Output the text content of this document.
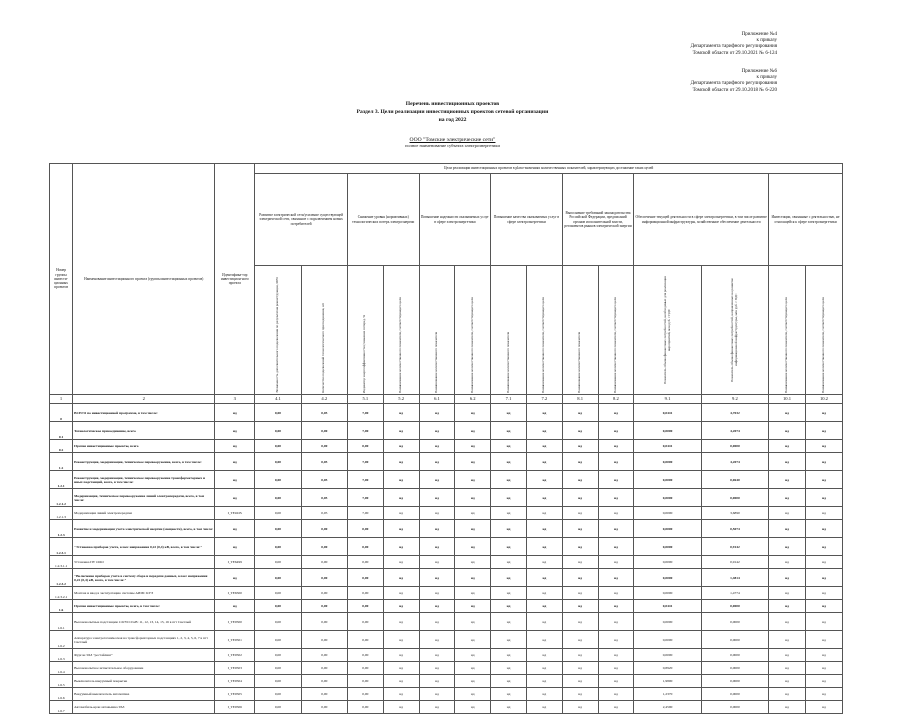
Приложение №4
к приказу
Департамента тарифного регулирования
Томской области от 29.10.2021 № 6-124
Приложение №6
к приказу
Департамента тарифного регулирования
Томской области от 29.10.2018 № 6-220
Перечень инвестиционных проектов
Раздел 3. Цели реализации инвестиционных проектов сетевой организации
на год 2022
ООО "Томские электрические сети"
полное наименование субъекта электроэнергетики
Номер группы инвести-ционных проектов	Наименование инвестиционного проекта (группы инвестиционных проектов)	Идентифика-тор инвестицион-ного проекта	Цели реализации инвестиционных проектов в plano-значениях количественных показателей, характеризующих достижение таких целей													
			Развитие электрической сети/усиление существующей электрической сети, связанное с подключением новых потребителей		Снижение уровня (нормативных) технологических потерь электроэнергии		Повышение надежности оказываемых услуг в сфере электроэнергетики		Повышение качества оказываемых услуг в сфере электроэнергетики		Выполнение требований законодательства Российской Федерации, предписаний органов исполнительной власти, регламентов рынков электрической энергии		Обеспечение текущей деятельности в сфере электроэнергетики, в том числе развитие информационной инфраструктуры, хозяйственное обеспечение деятельности		Инвестиции, связанные с деятельностью, не относящейся к сфере электроэнергетики	
			Возможность дополнительного подключения по результатам реконструкции, МВт	Количество подключений технологического присоединения, шт	Индикатор энергоэффективности (снижение потерь), %	Наименование количественного показателя, соответствующего цели	Наименование количественного показателя	Наименование количественного показателя, соответствующего цели	Наименование количественного показателя	Наименование количественного показателя, соответствующего цели	Наименование количественного показателя	Наименование количественного показателя, соответствующего цели	Показатель объема финансовых потребностей, необходимых для реализации мероприятий, млн руб. с НДС	Показатель объема финансовых потребностей, направленных на развитие информационной инфраструктуры, млн руб. с НДС	Наименование количественного показателя, соответствующего цели	Наименование количественного показателя, соответствующего цели
1	2	3	4.1	4.2	5.1	5.2	6.1	6.2	7.1	7.2	8.1	8.2	9.1	9.2	10.1	10.2
0	ВСЕГО по инвестиционной программе, в том числе:	нд	0,00	0,05	7,00	нд	нд	нд	нд	нд	нд	нд	0,0441	4,7032	нд	нд
0.1	Технологическое присоединение, всего	нд	0,00	0,00	7,00	нд	нд	нд	нд	нд	нд	нд	0,0000	4,2074	нд	нд
0.2	Прочие инвестиционные проекты, всего	нд	0,00	0,00	0,00	нд	нд	нд	нд	нд	нд	нд	0,0441	0,0000	нд	нд
1.2	Реконструкция, модернизация, техническое перевооружение, всего, в том числе:	нд	0,00	0,05	7,00	нд	нд	нд	нд	нд	нд	нд	0,0000	4,2074	нд	нд
1.2.1	Реконструкция, модернизация, техническое перевооружение трансформаторных и иных подстанций, всего, в том числе:	нд	0,00	0,05	7,00	нд	нд	нд	нд	нд	нд	нд	0,0000	0,0640	нд	нд
1.2.1.2	Модернизация, техническое перевооружение линий электропередачи, всего, в том числе:	нд	0,00	0,05	7,00	нд	нд	нд	нд	нд	нд	нд	0,0000	0,0000	нд	нд
1.2.1.3	Модернизация линий электропередачи	I_TEOOS	0,00	0,05	7,00	нд	нд	нд	нд	нд	нд	нд	0,0000	3,6890	нд	нд
1.2.3	Развитие и модернизация учета электрической энергии (мощности), всего, в том числе:	нд	0,00	0,00	0,00	нд	нд	нд	нд	нд	нд	нд	0,0000	0,5074	нд	нд
1.2.3.1	"Установка приборов учета, класс напряжения 0,22 (0,4) кВ, всего, в том числе:"	нд	0,00	0,00	0,00	нд	нд	нд	нд	нд	нд	нд	0,0000	0,9142	нд	нд
1.2.3.1.1	Установка ПУ ООО	I_TE6499	0,00	0,00	0,00	нд	нд	нд	нд	нд	нд	нд	0,0000	0,9142	нд	нд
1.2.3.2	"Включение приборов учета в систему сбора и передачи данных, класс напряжения 0,22 (0,4) кВ, всего, в том числе:"	нд	0,00	0,00	0,00	нд	нд	нд	нд	нд	нд	нд	0,0000	1,4814	нд	нд
1.2.3.2.1	Монтаж и ввод в эксплуатацию системы АИИС КУЭ	I_TE6500	0,00	0,00	0,00	нд	нд	нд	нд	нд	нд	нд	0,0000	1,4774	нд	нд
1.6	Прочие инвестиционные проекты, всего, в том числе:	нд	0,00	0,00	0,00	нд	нд	нд	нд	нд	нд	нд	0,0441	0,0000	нд	нд
1.6.1	Высоковольтные подстанции 110/35/10 кВ: 11, 12, 13, 14, 15, 16 в пгт Светлый	I_TE0500	0,00	0,00	0,00	нд	нд	нд	нд	нд	нд	нд	0,0000	0,0000	нд	нд
1.6.2	Аппаратура электротехническая на трансформаторных подстанциях 1, 2, 3, 4, 5, 6, 7 в пгт Светлый	I_TE0501	0,00	0,00	0,00	нд	нд	нд	нд	нд	нд	нд	0,0000	0,0000	нд	нд
1.6.3	Фургон УАЗ "рестайлинг"	I_TE0502	0,00	0,00	0,00	нд	нд	нд	нд	нд	нд	нд	0,0000	0,0000	нд	нд
1.6.4	Высоковольтное испытательное оборудование	I_TE0503	0,00	0,00	0,00	нд	нд	нд	нд	нд	нд	нд	0,8920	0,0000	нд	нд
1.6.5	Выключатель вакуумный покрытие	I_TE0504	0,00	0,00	0,00	нд	нд	нд	нд	нд	нд	нд	1,9800	0,0000	нд	нд
1.6.6	Вакуумный выключатель автоматика	I_TE0505	0,00	0,00	0,00	нд	нд	нд	нд	нд	нд	нд	1,2370	0,0000	нд	нд
1.6.7	Автомобиль-кран автовышка УАЗ	I_TE0506	0,00	0,00	0,00	нд	нд	нд	нд	нд	нд	нд	2,4590	0,0000	нд	нд
